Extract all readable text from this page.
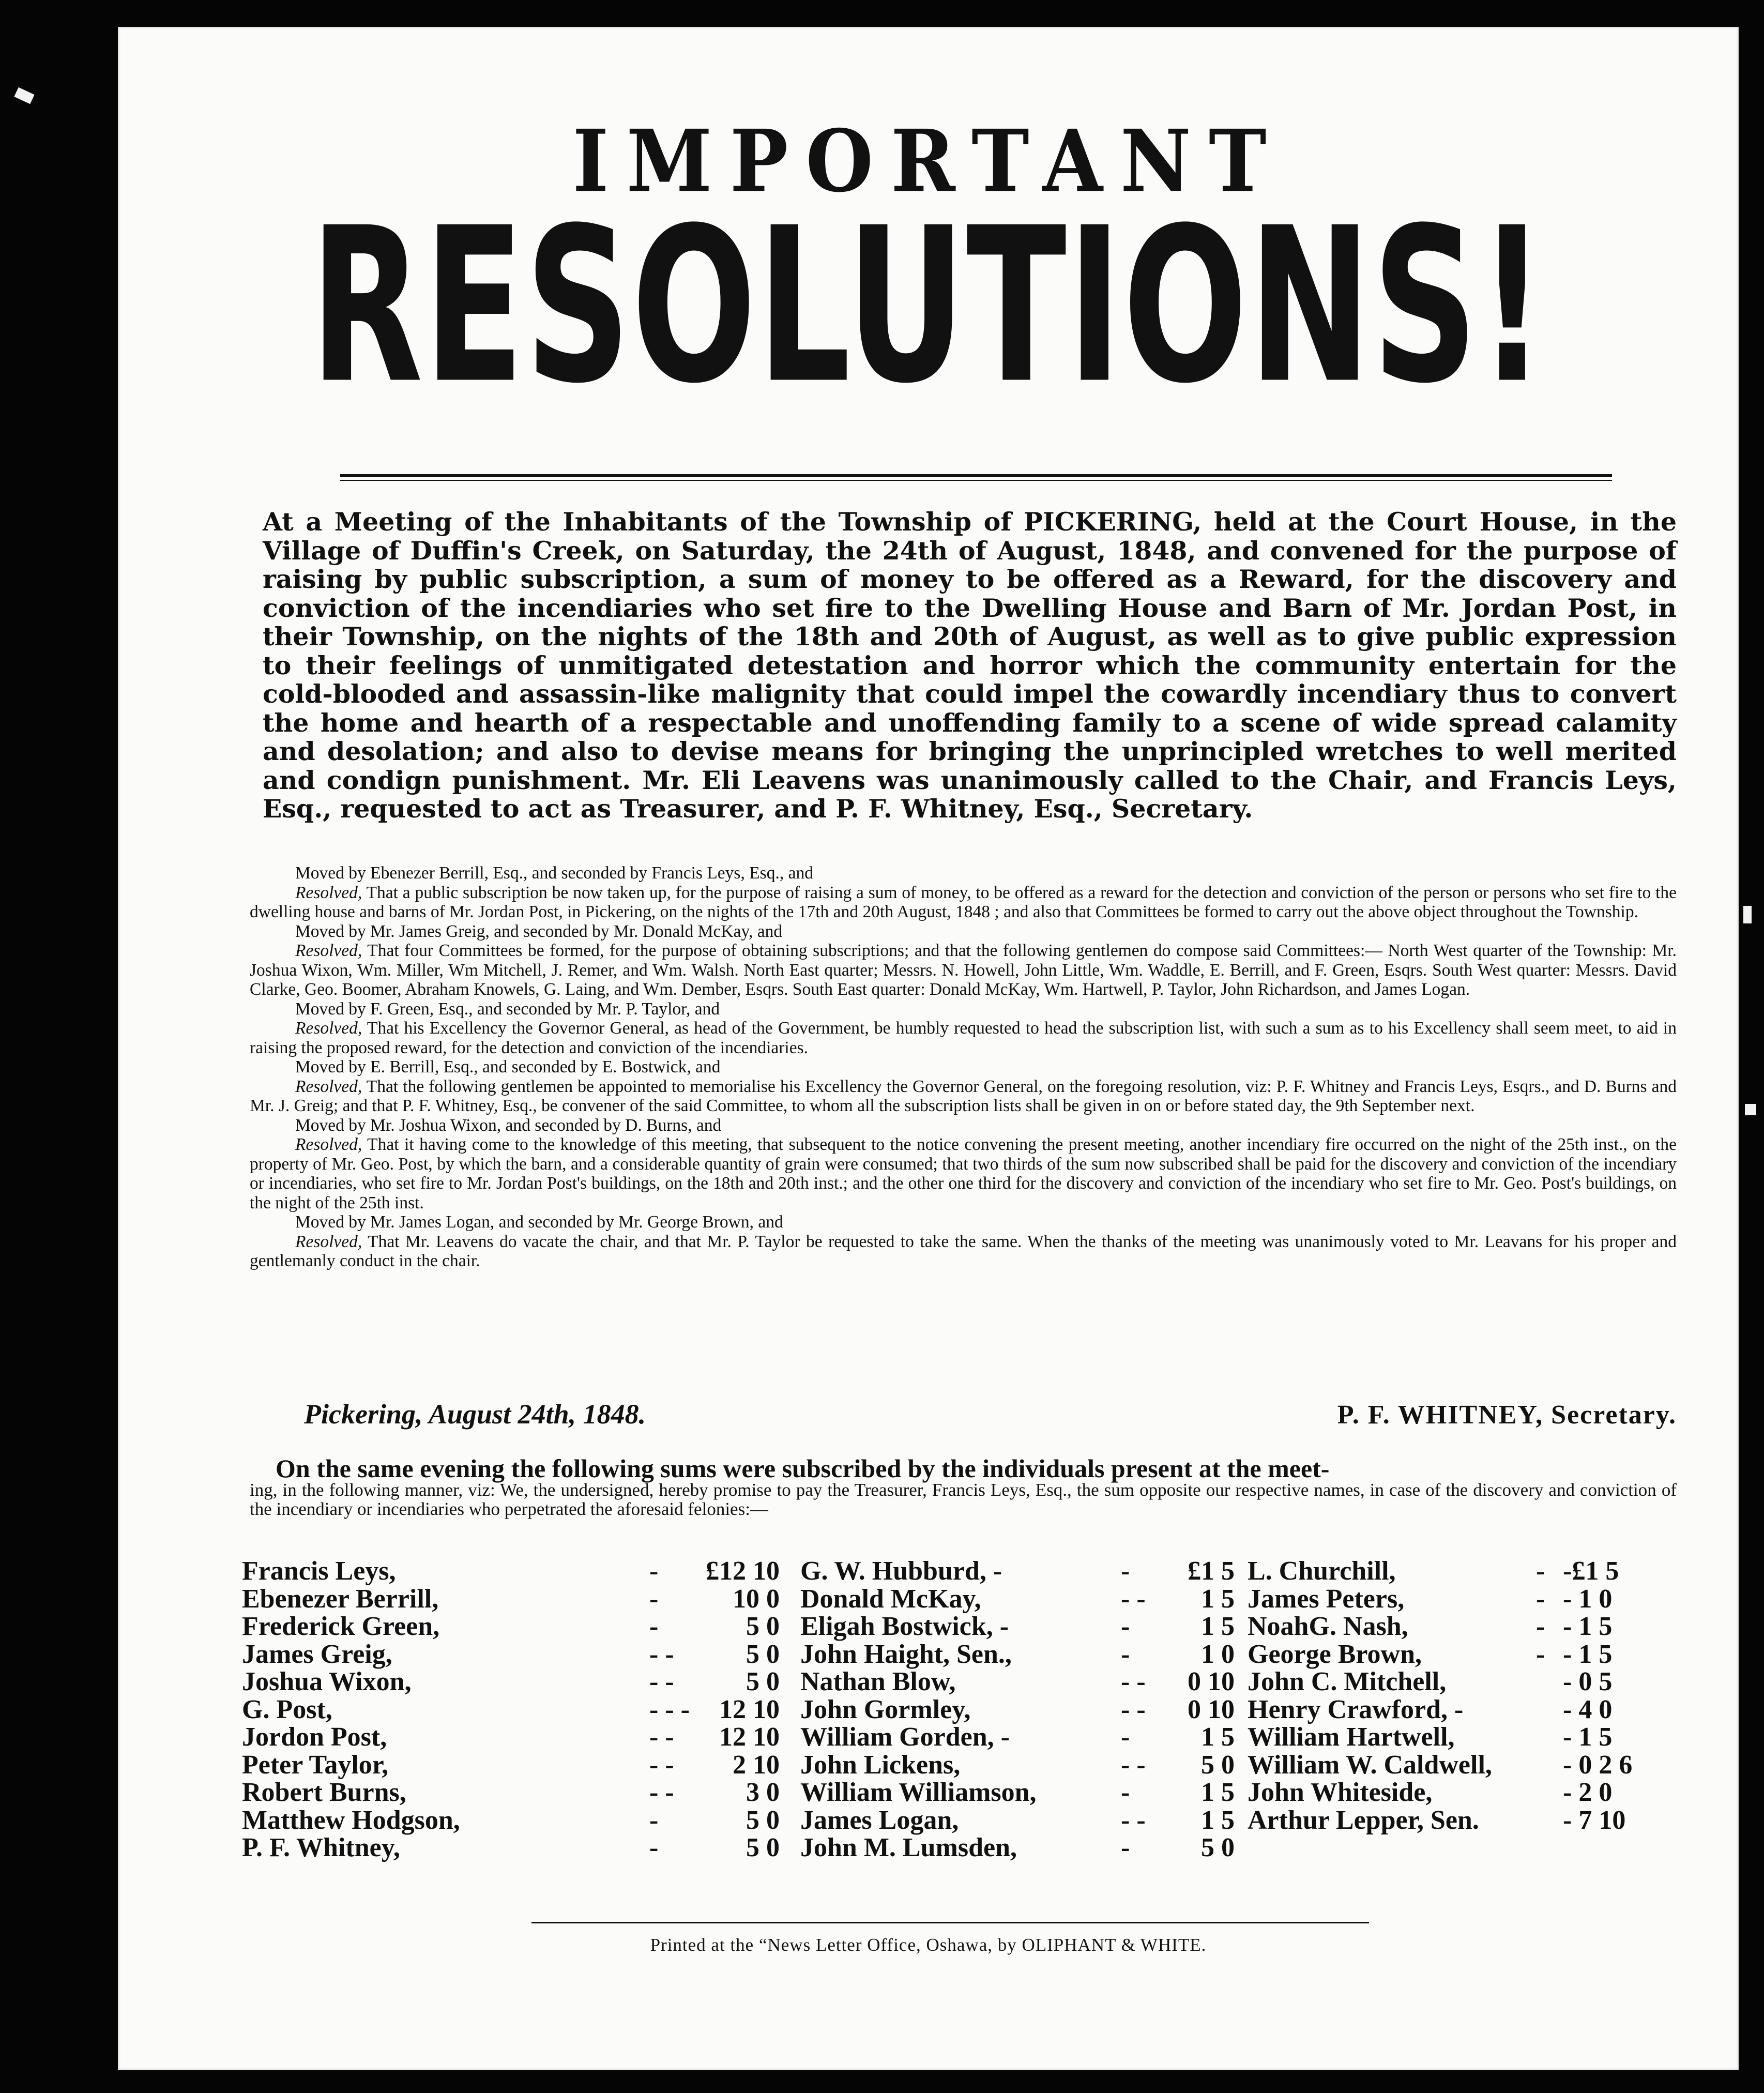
IMPORTANT
RESOLUTIONS!
At a Meeting of the Inhabitants of the Township of PICKERING, held at the Court House, in the Village of Duffin's Creek, on Saturday, the 24th of August, 1848, and convened for the purpose of raising by public subscription, a sum of money to be offered as a Reward, for the discovery and conviction of the incendiaries who set fire to the Dwelling House and Barn of Mr. Jordan Post, in their Township, on the nights of the 18th and 20th of August, as well as to give public expression to their feelings of unmitigated detestation and horror which the community entertain for the cold-blooded and assassin-like malignity that could impel the cowardly incendiary thus to convert the home and hearth of a respectable and unoffending family to a scene of wide spread calamity and desolation; and also to devise means for bringing the unprincipled wretches to well merited and condign punishment. Mr. Eli Leavens was unanimously called to the Chair, and Francis Leys, Esq., requested to act as Treasurer, and P. F. Whitney, Esq., Secretary.

Moved by Ebenezer Berrill, Esq., and seconded by Francis Leys, Esq., and

Resolved, That a public subscription be now taken up, for the purpose of raising a sum of money, to be offered as a reward for the detection and conviction of the person or persons who set fire to the dwelling house and barns of Mr. Jordan Post, in Pickering, on the nights of the 17th and 20th August, 1848 ; and also that Committees be formed to carry out the above object throughout the Township.

Moved by Mr. James Greig, and seconded by Mr. Donald McKay, and

Resolved, That four Committees be formed, for the purpose of obtaining subscriptions; and that the following gentlemen do compose said Committees:— North West quarter of the Township: Mr. Joshua Wixon, Wm. Miller, Wm Mitchell, J. Remer, and Wm. Walsh. North East quarter; Messrs. N. Howell, John Little, Wm. Waddle, E. Berrill, and F. Green, Esqrs. South West quarter: Messrs. David Clarke, Geo. Boomer, Abraham Knowels, G. Laing, and Wm. Dember, Esqrs. South East quarter: Donald McKay, Wm. Hartwell, P. Taylor, John Richardson, and James Logan.

Moved by F. Green, Esq., and seconded by Mr. P. Taylor, and

Resolved, That his Excellency the Governor General, as head of the Government, be humbly requested to head the subscription list, with such a sum as to his Excellency shall seem meet, to aid in raising the proposed reward, for the detection and conviction of the incendiaries.

Moved by E. Berrill, Esq., and seconded by E. Bostwick, and

Resolved, That the following gentlemen be appointed to memorialise his Excellency the Governor General, on the foregoing resolution, viz: P. F. Whitney and Francis Leys, Esqrs., and D. Burns and Mr. J. Greig; and that P. F. Whitney, Esq., be convener of the said Committee, to whom all the subscription lists shall be given in on or before stated day, the 9th September next.

Moved by Mr. Joshua Wixon, and seconded by D. Burns, and

Resolved, That it having come to the knowledge of this meeting, that subsequent to the notice convening the present meeting, another incendiary fire occurred on the night of the 25th inst., on the property of Mr. Geo. Post, by which the barn, and a considerable quantity of grain were consumed; that two thirds of the sum now subscribed shall be paid for the discovery and conviction of the incendiary or incendiaries, who set fire to Mr. Jordan Post's buildings, on the 18th and 20th inst.; and the other one third for the discovery and conviction of the incendiary who set fire to Mr. Geo. Post's buildings, on the night of the 25th inst.

Moved by Mr. James Logan, and seconded by Mr. George Brown, and

Resolved, That Mr. Leavens do vacate the chair, and that Mr. P. Taylor be requested to take the same. When the thanks of the meeting was unanimously voted to Mr. Leavans for his proper and gentlemanly conduct in the chair.

Pickering, August 24th, 1848.	P. F. WHITNEY, Secretary.
On the same evening the following sums were subscribed by the individuals present at the meet-
ing, in the following manner, viz: We, the undersigned, hereby promise to pay the Treasurer, Francis Leys, Esq., the sum opposite our respective names, in case of the discovery and conviction of the incendiary or incendiaries who perpetrated the aforesaid felonies:—
Francis Leys,	-	£12 10
Ebenezer Berrill,	-	10 0
Frederick Green,	-	5 0
James Greig,	- -	5 0
Joshua Wixon,	- -	5 0
G. Post,	- - -	12 10
Jordon Post,	- -	12 10
Peter Taylor,	- -	2 10
Robert Burns,	- -	3 0
Matthew Hodgson,	-	5 0
P. F. Whitney,	-	5 0
G. W. Hubburd, -	-	£1 5
Donald McKay,	- -	1 5
Eligah Bostwick, -	-	1 5
John Haight, Sen.,	-	1 0
Nathan Blow,	- -	0 10
John Gormley,	- -	0 10
William Gorden, -	-	1 5
John Lickens,	- -	5 0
William Williamson,	-	1 5
James Logan,	- -	1 5
John M. Lumsden,	-	5 0
L. Churchill,	- -£1 5
James Peters,	- - 1 0
NoahG. Nash,	- - 1 5
George Brown,	- - 1 5
John C. Mitchell,	- 0 5
Henry Crawford, -	- 4 0
William Hartwell,	- 1 5
William W. Caldwell,	- 0 2 6
John Whiteside,	- 2 0
Arthur Lepper, Sen.	- 7 10
Printed at the “News Letter Office, Oshawa, by OLIPHANT & WHITE.
